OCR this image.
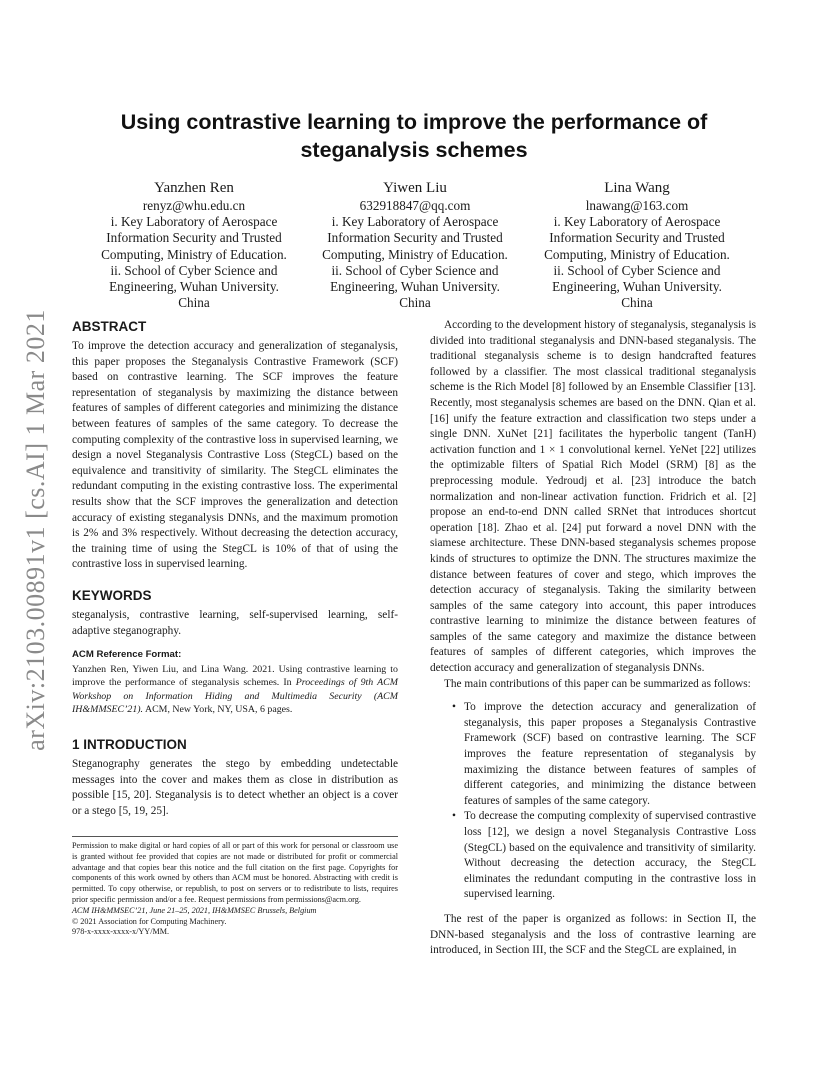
arXiv:2103.00891v1 [cs.AI] 1 Mar 2021
Using contrastive learning to improve the performance of steganalysis schemes

Yanzhen Ren

renyz@whu.edu.cn

i. Key Laboratory of Aerospace

Information Security and Trusted

Computing, Ministry of Education.

ii. School of Cyber Science and

Engineering, Wuhan University.

China

Yiwen Liu

632918847@qq.com

i. Key Laboratory of Aerospace

Information Security and Trusted

Computing, Ministry of Education.

ii. School of Cyber Science and

Engineering, Wuhan University.

China

Lina Wang

lnawang@163.com

i. Key Laboratory of Aerospace

Information Security and Trusted

Computing, Ministry of Education.

ii. School of Cyber Science and

Engineering, Wuhan University.

China

ABSTRACT

To improve the detection accuracy and generalization of steganalysis, this paper proposes the Steganalysis Contrastive Framework (SCF) based on contrastive learning. The SCF improves the feature representation of steganalysis by maximizing the distance between features of samples of different categories and minimizing the distance between features of samples of the same category. To decrease the computing complexity of the contrastive loss in supervised learning, we design a novel Steganalysis Contrastive Loss (StegCL) based on the equivalence and transitivity of similarity. The StegCL eliminates the redundant computing in the existing contrastive loss. The experimental results show that the SCF improves the generalization and detection accuracy of existing steganalysis DNNs, and the maximum promotion is 2% and 3% respectively. Without decreasing the detection accuracy, the training time of using the StegCL is 10% of that of using the contrastive loss in supervised learning.

KEYWORDS

steganalysis, contrastive learning, self-supervised learning, self-adaptive steganography.

ACM Reference Format:

Yanzhen Ren, Yiwen Liu, and Lina Wang. 2021. Using contrastive learning to improve the performance of steganalysis schemes. In Proceedings of 9th ACM Workshop on Information Hiding and Multimedia Security (ACM IH&MMSEC’21). ACM, New York, NY, USA, 6 pages.

1 INTRODUCTION

Steganography generates the stego by embedding undetectable messages into the cover and makes them as close in distribution as possible [15, 20]. Steganalysis is to detect whether an object is a cover or a stego [5, 19, 25].

Permission to make digital or hard copies of all or part of this work for personal or classroom use is granted without fee provided that copies are not made or distributed for profit or commercial advantage and that copies bear this notice and the full citation on the first page. Copyrights for components of this work owned by others than ACM must be honored. Abstracting with credit is permitted. To copy otherwise, or republish, to post on servers or to redistribute to lists, requires prior specific permission and/or a fee. Request permissions from permissions@acm.org.

ACM IH&MMSEC’21, June 21–25, 2021, IH&MMSEC Brussels, Belgium

© 2021 Association for Computing Machinery.

978-x-xxxx-xxxx-x/YY/MM.

According to the development history of steganalysis, steganalysis is divided into traditional steganalysis and DNN-based steganalysis. The traditional steganalysis scheme is to design handcrafted features followed by a classifier. The most classical traditional steganalysis scheme is the Rich Model [8] followed by an Ensemble Classifier [13]. Recently, most steganalysis schemes are based on the DNN. Qian et al. [16] unify the feature extraction and classification two steps under a single DNN. XuNet [21] facilitates the hyperbolic tangent (TanH) activation function and 1 × 1 convolutional kernel. YeNet [22] utilizes the optimizable filters of Spatial Rich Model (SRM) [8] as the preprocessing module. Yedroudj et al. [23] introduce the batch normalization and non-linear activation function. Fridrich et al. [2] propose an end-to-end DNN called SRNet that introduces shortcut operation [18]. Zhao et al. [24] put forward a novel DNN with the siamese architecture. These DNN-based steganalysis schemes propose kinds of structures to optimize the DNN. The structures maximize the distance between features of cover and stego, which improves the detection accuracy of steganalysis. Taking the similarity between samples of the same category into account, this paper introduces contrastive learning to minimize the distance between features of samples of the same category and maximize the distance between features of samples of different categories, which improves the detection accuracy and generalization of steganalysis DNNs.

The main contributions of this paper can be summarized as follows:

• To improve the detection accuracy and generalization of steganalysis, this paper proposes a Steganalysis Contrastive Framework (SCF) based on contrastive learning. The SCF improves the feature representation of steganalysis by maximizing the distance between features of samples of different categories, and minimizing the distance between features of samples of the same category.
• To decrease the computing complexity of supervised contrastive loss [12], we design a novel Steganalysis Contrastive Loss (StegCL) based on the equivalence and transitivity of similarity. Without decreasing the detection accuracy, the StegCL eliminates the redundant computing in the contrastive loss in supervised learning.

The rest of the paper is organized as follows: in Section II, the DNN-based steganalysis and the loss of contrastive learning are introduced, in Section III, the SCF and the StegCL are explained, in
